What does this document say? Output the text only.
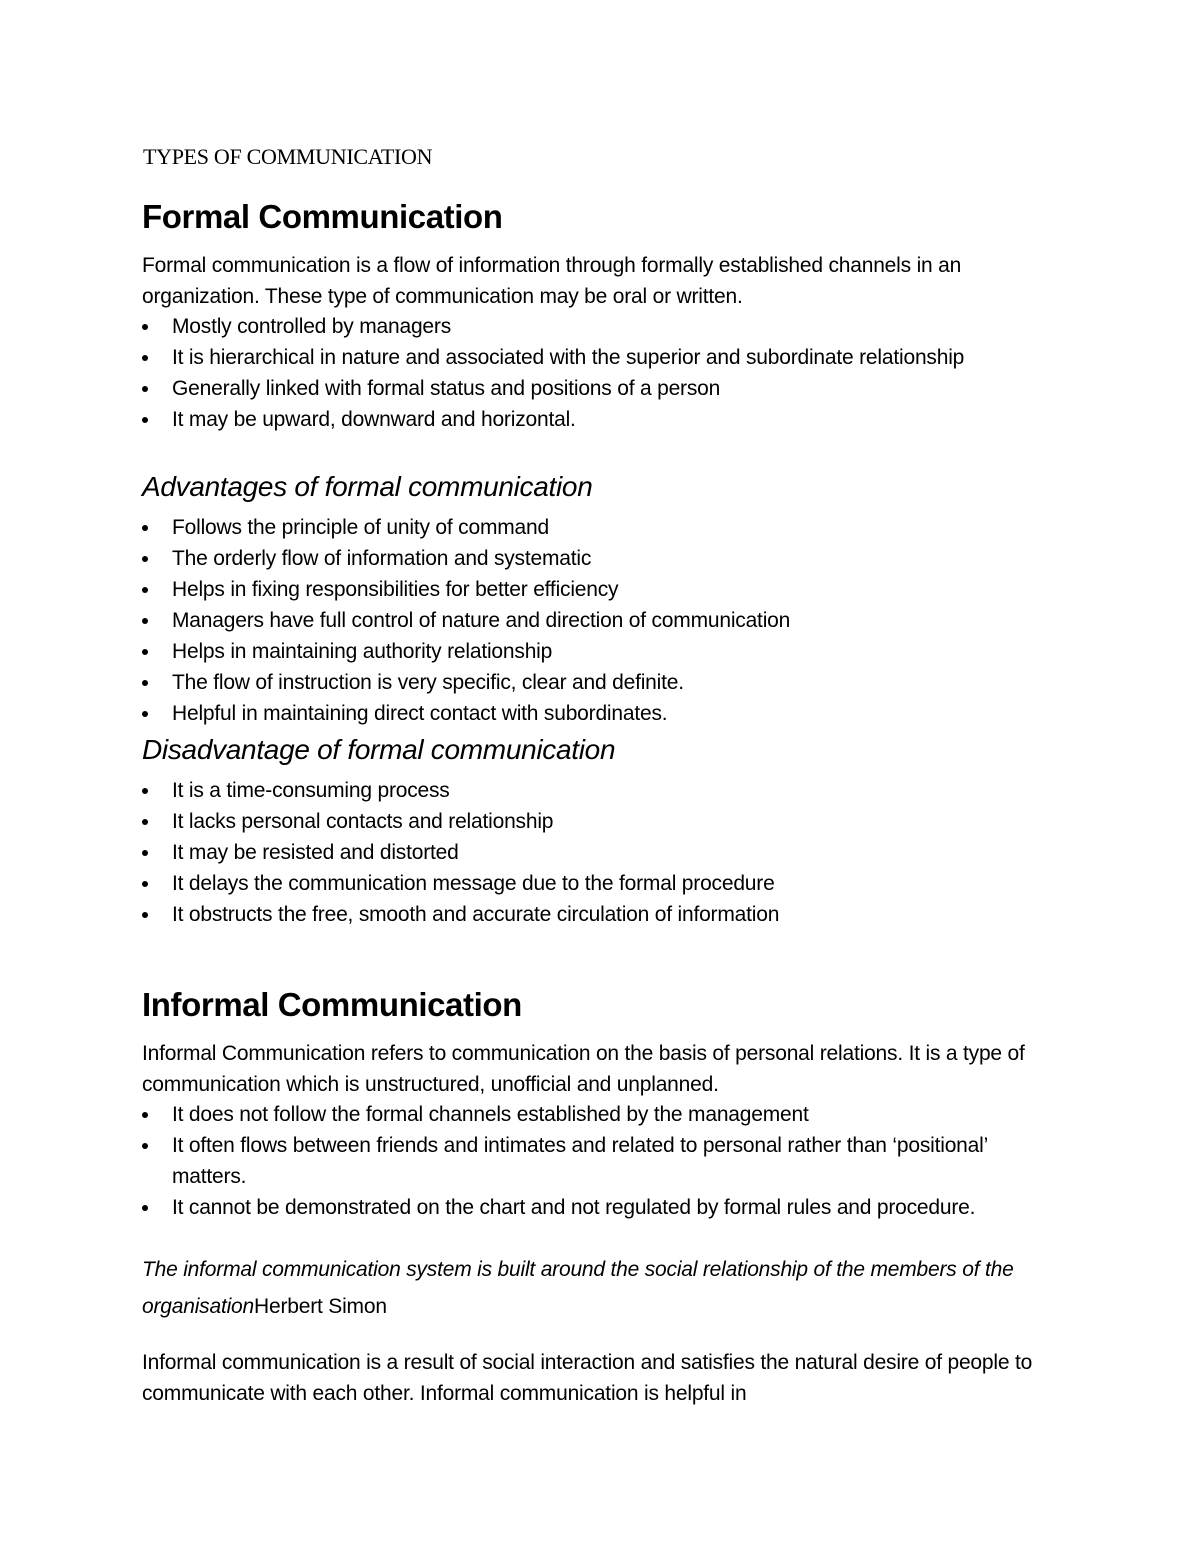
TYPES OF COMMUNICATION
Formal Communication
Formal communication is a flow of information through formally established channels in an organization. These type of communication may be oral or written.
Mostly controlled by managers
It is hierarchical in nature and associated with the superior and subordinate relationship
Generally linked with formal status and positions of a person
It may be upward, downward and horizontal.
Advantages of formal communication
Follows the principle of unity of command
The orderly flow of information and systematic
Helps in fixing responsibilities for better efficiency
Managers have full control of nature and direction of communication
Helps in maintaining authority relationship
The flow of instruction is very specific, clear and definite.
Helpful in maintaining direct contact with subordinates.
Disadvantage of formal communication
It is a time-consuming process
It lacks personal contacts and relationship
It may be resisted and distorted
It delays the communication message due to the formal procedure
It obstructs the free, smooth and accurate circulation of information
Informal Communication
Informal Communication refers to communication on the basis of personal relations. It is a type of communication which is unstructured, unofficial and unplanned.
It does not follow the formal channels established by the management
It often flows between friends and intimates and related to personal rather than ‘positional’ matters.
It cannot be demonstrated on the chart and not regulated by formal rules and procedure.
The informal communication system is built around the social relationship of the members of the organisationHerbert Simon
Informal communication is a result of social interaction and satisfies the natural desire of people to communicate with each other. Informal communication is helpful in
